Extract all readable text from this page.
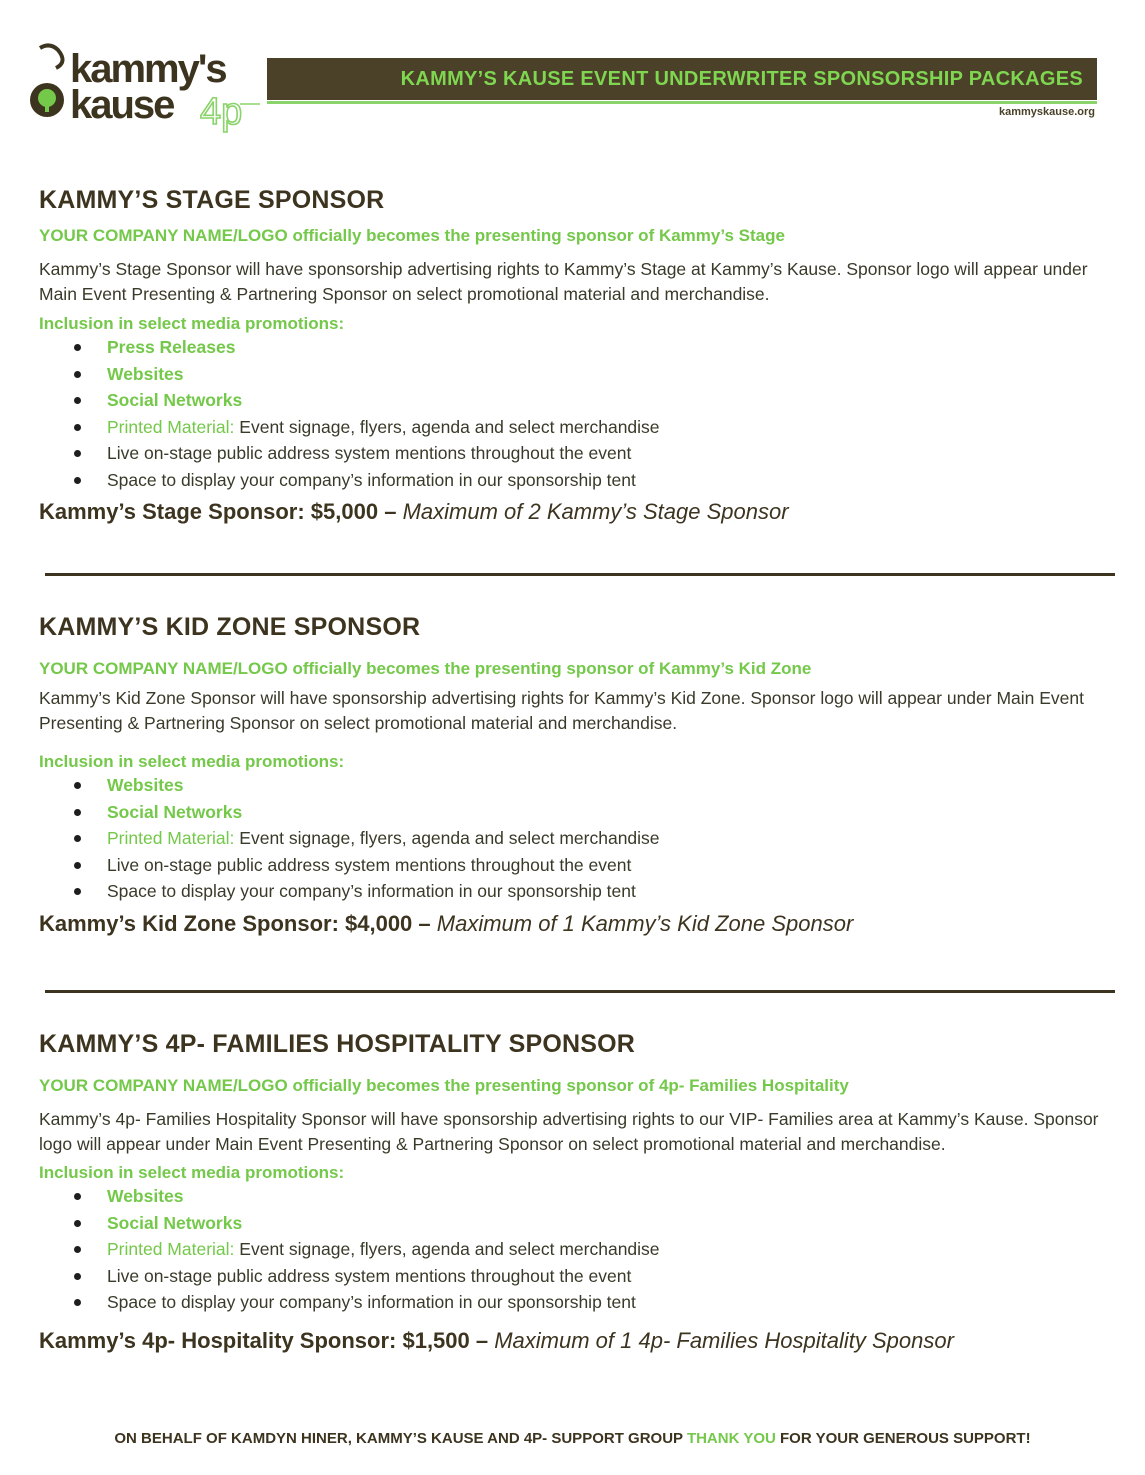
kammy's
kause 4p
KAMMY’S KAUSE EVENT UNDERWRITER SPONSORSHIP PACKAGES
kammyskause.org
KAMMY’S STAGE SPONSOR
YOUR COMPANY NAME/LOGO officially becomes the presenting sponsor of Kammy’s Stage
Kammy’s Stage Sponsor will have sponsorship advertising rights to Kammy’s Stage at Kammy’s Kause. Sponsor logo will appear under Main Event Presenting & Partnering Sponsor on select promotional material and merchandise.
Inclusion in select media promotions:
Press Releases
Websites
Social Networks
Printed Material: Event signage, flyers, agenda and select merchandise
Live on-stage public address system mentions throughout the event
Space to display your company’s information in our sponsorship tent
Kammy’s Stage Sponsor: $5,000 – Maximum of 2 Kammy’s Stage Sponsor
KAMMY’S KID ZONE SPONSOR
YOUR COMPANY NAME/LOGO officially becomes the presenting sponsor of Kammy’s Kid Zone
Kammy’s Kid Zone Sponsor will have sponsorship advertising rights for Kammy’s Kid Zone. Sponsor logo will appear under Main Event Presenting & Partnering Sponsor on select promotional material and merchandise.
Inclusion in select media promotions:
Websites
Social Networks
Printed Material: Event signage, flyers, agenda and select merchandise
Live on-stage public address system mentions throughout the event
Space to display your company’s information in our sponsorship tent
Kammy’s Kid Zone Sponsor: $4,000 – Maximum of 1 Kammy’s Kid Zone Sponsor
KAMMY’S 4P- FAMILIES HOSPITALITY SPONSOR
YOUR COMPANY NAME/LOGO officially becomes the presenting sponsor of 4p- Families Hospitality
Kammy’s 4p- Families Hospitality Sponsor will have sponsorship advertising rights to our VIP- Families area at Kammy’s Kause. Sponsor logo will appear under Main Event Presenting & Partnering Sponsor on select promotional material and merchandise.
Inclusion in select media promotions:
Websites
Social Networks
Printed Material: Event signage, flyers, agenda and select merchandise
Live on-stage public address system mentions throughout the event
Space to display your company’s information in our sponsorship tent
Kammy’s 4p- Hospitality Sponsor: $1,500 – Maximum of 1 4p- Families Hospitality Sponsor
ON BEHALF OF KAMDYN HINER, KAMMY’S KAUSE AND 4P- SUPPORT GROUP THANK YOU FOR YOUR GENEROUS SUPPORT!
